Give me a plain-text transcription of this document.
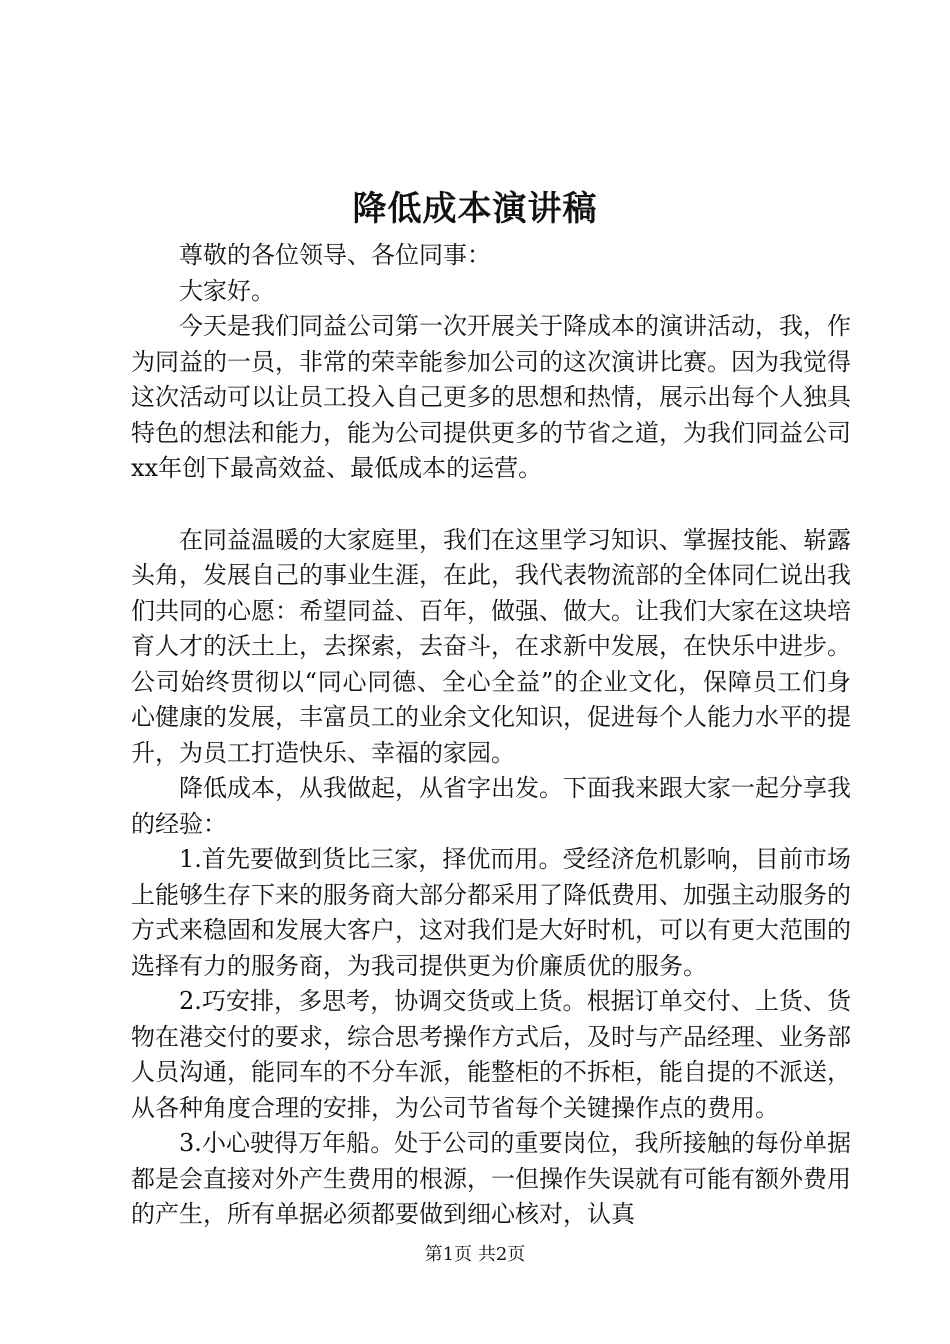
降低成本演讲稿

尊敬的各位领导、各位同事：

大家好。

今天是我们同益公司第一次开展关于降成本的演讲活动，我，作为同益的一员，非常的荣幸能参加公司的这次演讲比赛。因为我觉得这次活动可以让员工投入自己更多的思想和热情，展示出每个人独具特色的想法和能力，能为公司提供更多的节省之道，为我们同益公司xx年创下最高效益、最低成本的运营。

在同益温暖的大家庭里，我们在这里学习知识、掌握技能、崭露头角，发展自己的事业生涯，在此，我代表物流部的全体同仁说出我们共同的心愿：希望同益、百年，做强、做大。让我们大家在这块培育人才的沃土上，去探索，去奋斗，在求新中发展，在快乐中进步。公司始终贯彻以“同心同德、全心全益”的企业文化，保障员工们身心健康的发展，丰富员工的业余文化知识，促进每个人能力水平的提升，为员工打造快乐、幸福的家园。

降低成本，从我做起，从省字出发。下面我来跟大家一起分享我的经验：

1.首先要做到货比三家，择优而用。受经济危机影响，目前市场上能够生存下来的服务商大部分都采用了降低费用、加强主动服务的方式来稳固和发展大客户，这对我们是大好时机，可以有更大范围的选择有力的服务商，为我司提供更为价廉质优的服务。

2.巧安排，多思考，协调交货或上货。根据订单交付、上货、货物在港交付的要求，综合思考操作方式后，及时与产品经理、业务部人员沟通，能同车的不分车派，能整柜的不拆柜，能自提的不派送，从各种角度合理的安排，为公司节省每个关键操作点的费用。

3.小心驶得万年船。处于公司的重要岗位，我所接触的每份单据都是会直接对外产生费用的根源，一但操作失误就有可能有额外费用的产生，所有单据必须都要做到细心核对，认真

第1页 共2页
